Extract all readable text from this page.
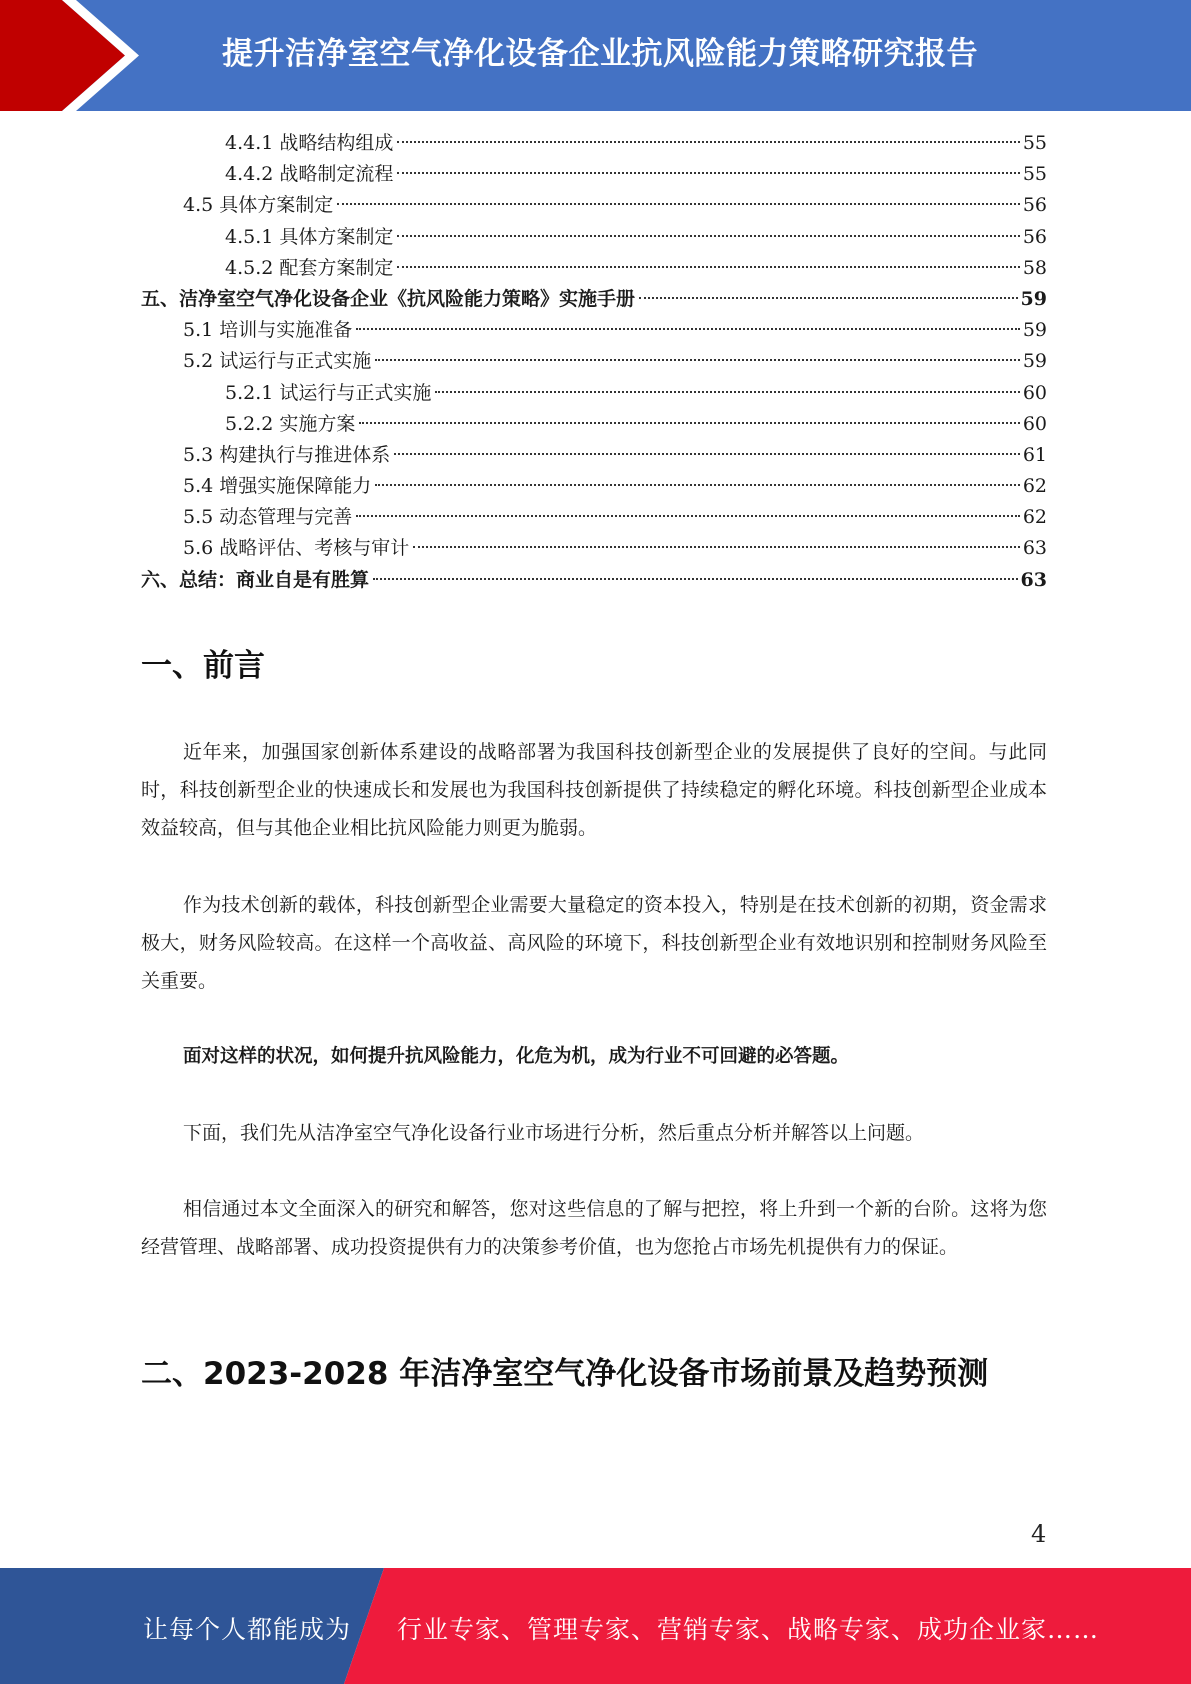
提升洁净室空气净化设备企业抗风险能力策略研究报告
4.4.1 战略结构组成	55
4.4.2 战略制定流程	55
4.5 具体方案制定	56
4.5.1 具体方案制定	56
4.5.2 配套方案制定	58
五、洁净室空气净化设备企业《抗风险能力策略》实施手册	59
5.1 培训与实施准备	59
5.2 试运行与正式实施	59
5.2.1 试运行与正式实施	60
5.2.2 实施方案	60
5.3 构建执行与推进体系	61
5.4 增强实施保障能力	62
5.5 动态管理与完善	62
5.6 战略评估、考核与审计	63
六、总结：商业自是有胜算	63
一、前言

近年来，加强国家创新体系建设的战略部署为我国科技创新型企业的发展提供了良好的空间。与此同时，科技创新型企业的快速成长和发展也为我国科技创新提供了持续稳定的孵化环境。科技创新型企业成本效益较高，但与其他企业相比抗风险能力则更为脆弱。

作为技术创新的载体，科技创新型企业需要大量稳定的资本投入，特别是在技术创新的初期，资金需求极大，财务风险较高。在这样一个高收益、高风险的环境下，科技创新型企业有效地识别和控制财务风险至关重要。

面对这样的状况，如何提升抗风险能力，化危为机，成为行业不可回避的必答题。

下面，我们先从洁净室空气净化设备行业市场进行分析，然后重点分析并解答以上问题。

相信通过本文全面深入的研究和解答，您对这些信息的了解与把控，将上升到一个新的台阶。这将为您经营管理、战略部署、成功投资提供有力的决策参考价值，也为您抢占市场先机提供有力的保证。

二、2023-2028 年洁净室空气净化设备市场前景及趋势预测
4
让每个人都能成为 行业专家、管理专家、营销专家、战略专家、成功企业家……
